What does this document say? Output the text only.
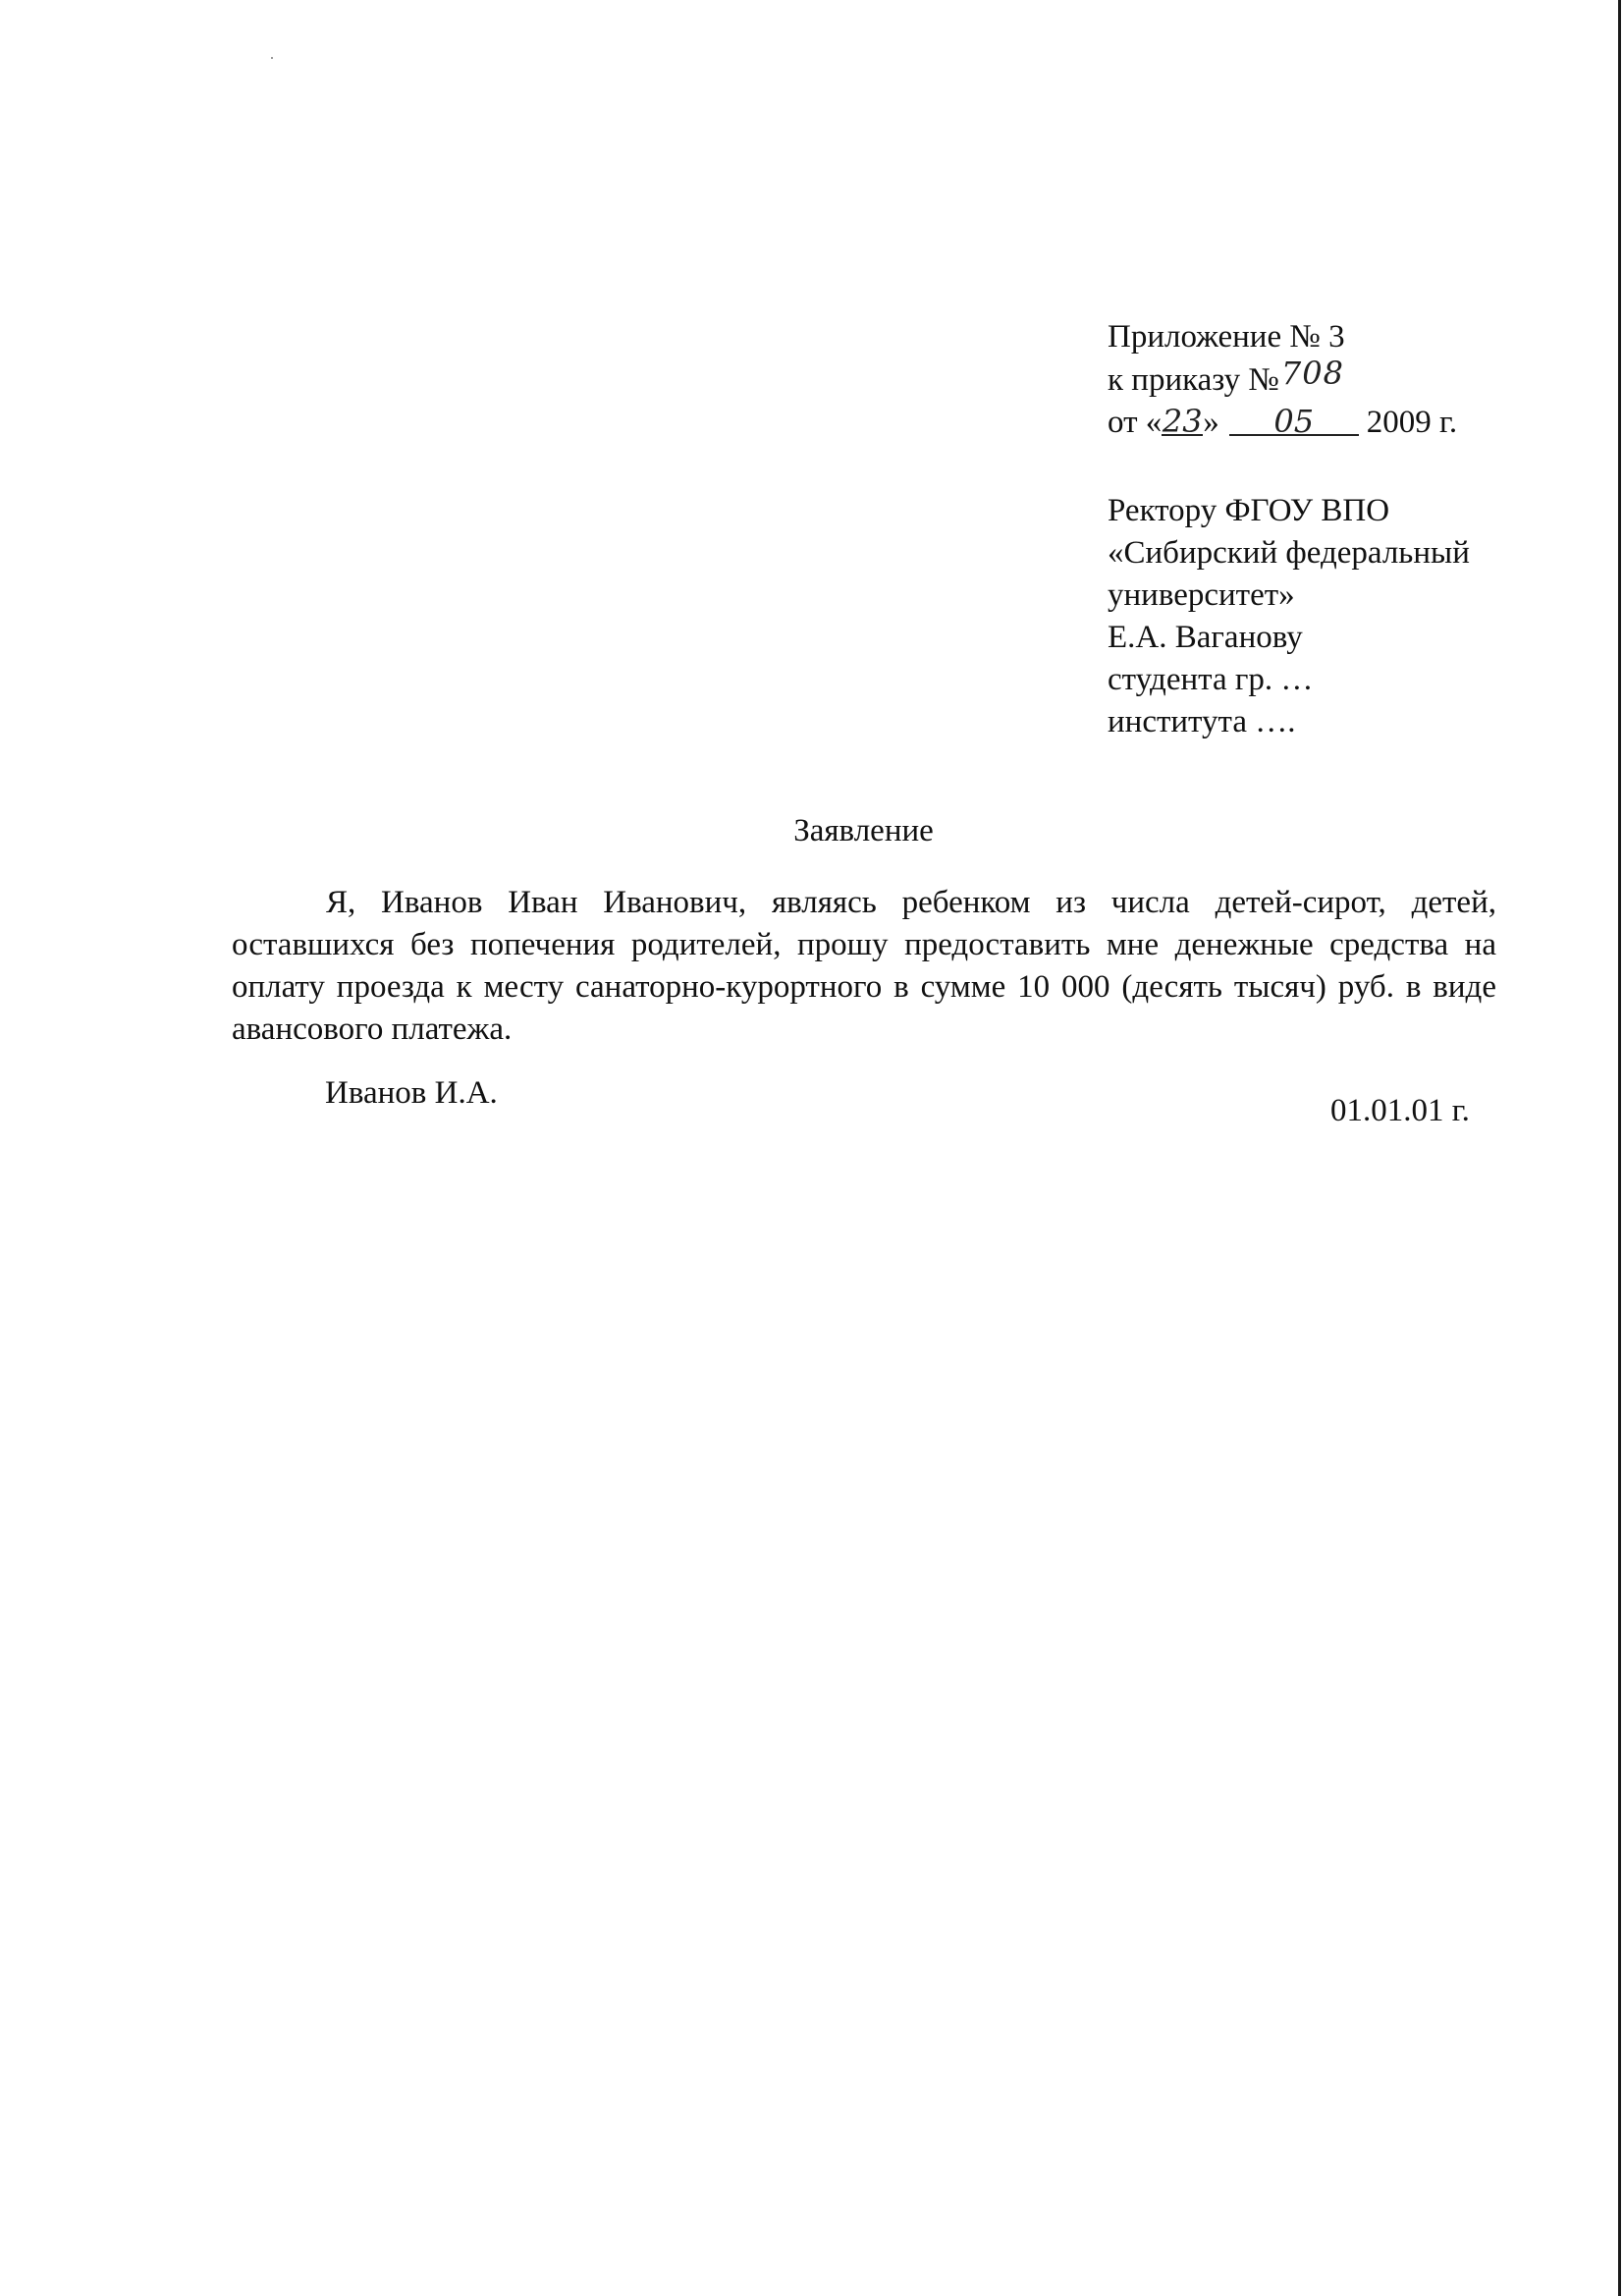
Приложение № 3
к приказу №708
от «23» 05 2009 г.
Ректору ФГОУ ВПО
«Сибирский федеральный
университет»
Е.А. Ваганову
студента гр. …
института ….
Заявление

Я, Иванов Иван Иванович, являясь ребенком из числа детей-сирот, детей, оставшихся без попечения родителей, прошу предоставить мне денежные средства на оплату проезда к месту санаторно-курортного в сумме 10 000 (десять тысяч) руб. в виде авансового платежа.

Иванов И.А.	01.01.01 г.
